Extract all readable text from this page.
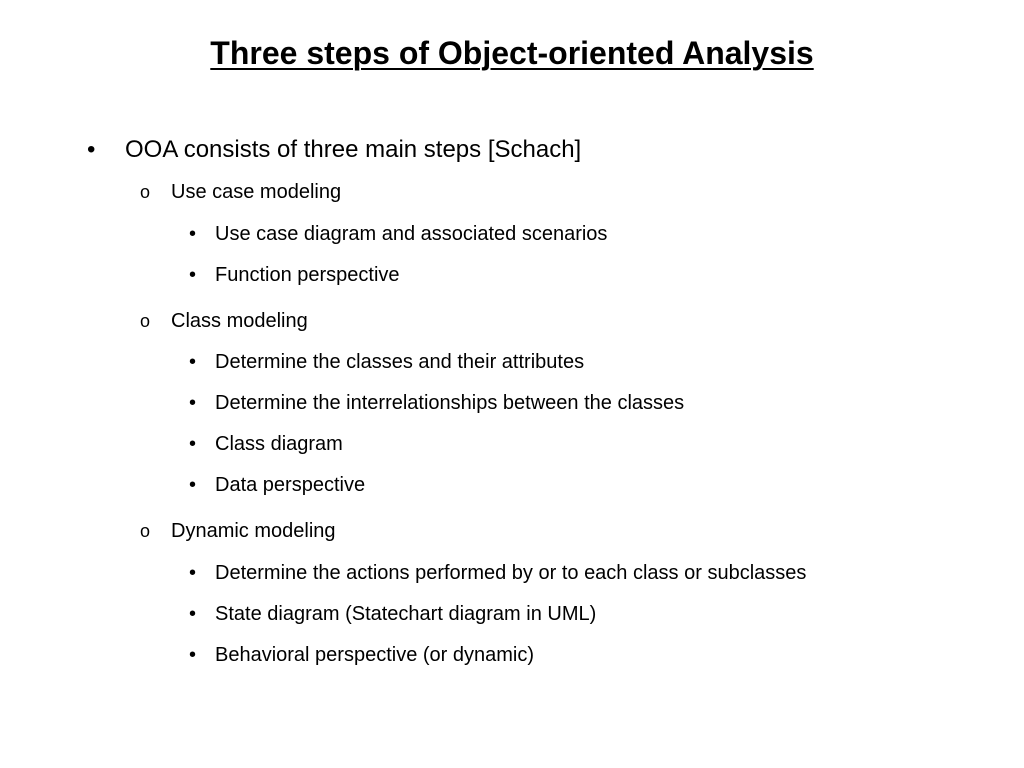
Three steps of Object-oriented Analysis
• OOA consists of three main steps [Schach]
o Use case modeling
• Use case diagram and associated scenarios
• Function perspective
o Class modeling
• Determine the classes and their attributes
• Determine the interrelationships between the classes
• Class diagram
• Data perspective
o Dynamic modeling
• Determine the actions performed by or to each class or subclasses
• State diagram (Statechart diagram in UML)
• Behavioral perspective (or dynamic)
